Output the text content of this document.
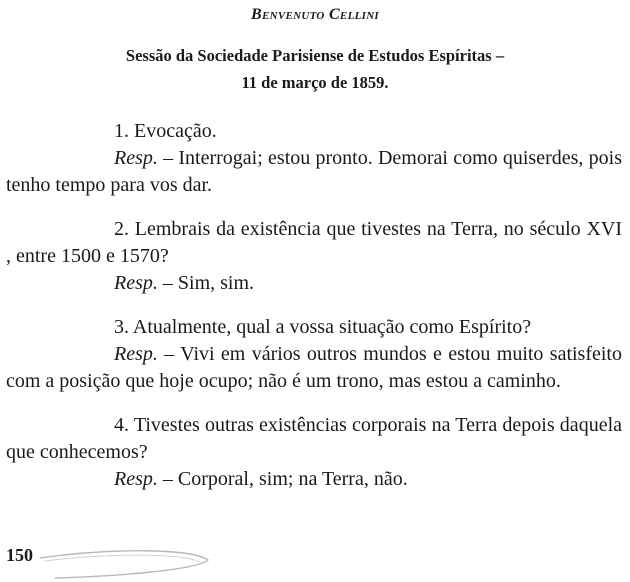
Benvenuto Cellini
Sessão da Sociedade Parisiense de Estudos Espíritas –
11 de março de 1859.

1. Evocação.

Resp. – Interrogai; estou pronto. Demorai como quiserdes, pois tenho tempo para vos dar.

2. Lembrais da existência que tivestes na Terra, no século XVI , entre 1500 e 1570?

Resp. – Sim, sim.

3. Atualmente, qual a vossa situação como Espírito?

Resp. – Vivi em vários outros mundos e estou muito satisfeito com a posição que hoje ocupo; não é um trono, mas estou a caminho.

4. Tivestes outras existências corporais na Terra depois daquela que conhecemos?

Resp. – Corporal, sim; na Terra, não.

150
